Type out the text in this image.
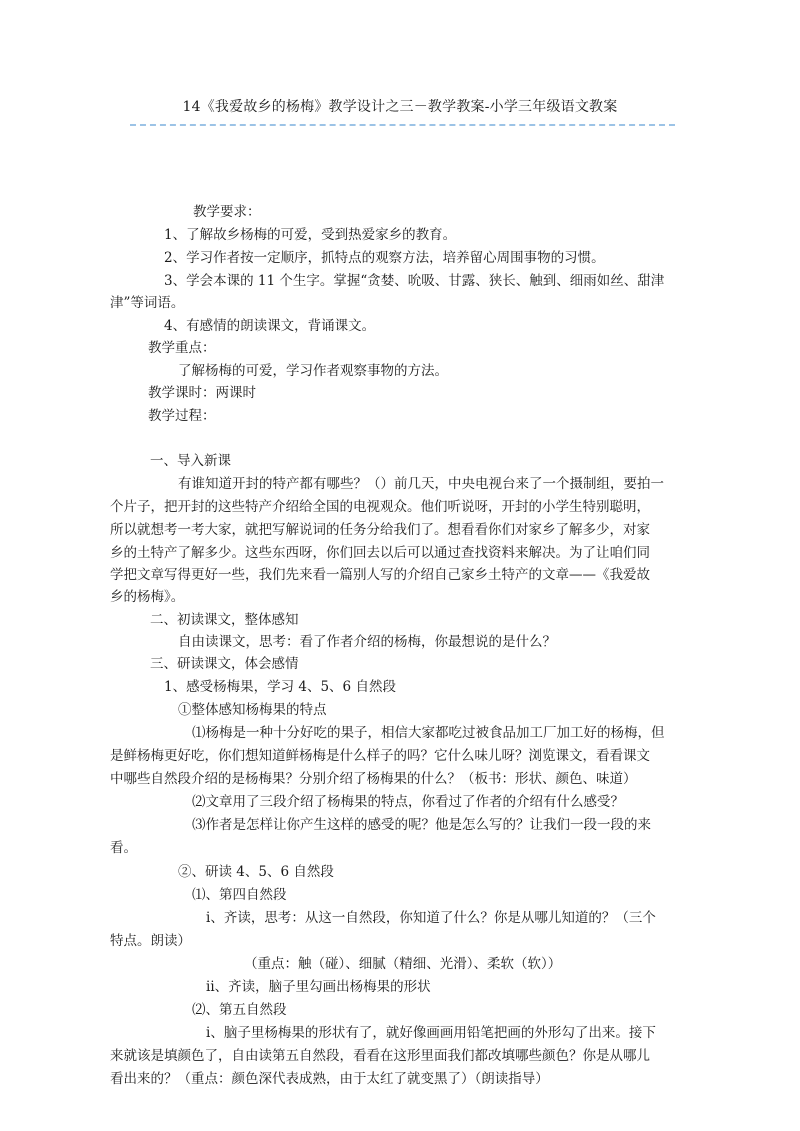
14《我爱故乡的杨梅》教学设计之三－教学教案-小学三年级语文教案
教学要求：
1、了解故乡杨梅的可爱，受到热爱家乡的教育。
2、学习作者按一定顺序，抓特点的观察方法，培养留心周围事物的习惯。
3、学会本课的 11 个生字。掌握“贪婪、吮吸、甘露、狭长、触到、细雨如丝、甜津
津”等词语。
4、有感情的朗读课文，背诵课文。
教学重点：
了解杨梅的可爱，学习作者观察事物的方法。
教学课时：两课时
教学过程：
一、导入新课
有谁知道开封的特产都有哪些？（）前几天，中央电视台来了一个摄制组，要拍一
个片子，把开封的这些特产介绍给全国的电视观众。他们听说呀，开封的小学生特别聪明，
所以就想考一考大家，就把写解说词的任务分给我们了。想看看你们对家乡了解多少，对家
乡的土特产了解多少。这些东西呀，你们回去以后可以通过查找资料来解决。为了让咱们同
学把文章写得更好一些，我们先来看一篇别人写的介绍自己家乡土特产的文章——《我爱故
乡的杨梅》。
二、初读课文，整体感知
自由读课文，思考：看了作者介绍的杨梅，你最想说的是什么？
三、研读课文，体会感情
1、感受杨梅果，学习 4、5、6 自然段
①整体感知杨梅果的特点
⑴杨梅是一种十分好吃的果子，相信大家都吃过被食品加工厂加工好的杨梅，但
是鲜杨梅更好吃，你们想知道鲜杨梅是什么样子的吗？它什么味儿呀？浏览课文，看看课文
中哪些自然段介绍的是杨梅果？分别介绍了杨梅果的什么？（板书：形状、颜色、味道）
⑵文章用了三段介绍了杨梅果的特点，你看过了作者的介绍有什么感受？
⑶作者是怎样让你产生这样的感受的呢？他是怎么写的？让我们一段一段的来
看。
②、研读 4、5、6 自然段
⑴、第四自然段
ⅰ、齐读，思考：从这一自然段，你知道了什么？你是从哪儿知道的？（三个
特点。朗读）
（重点：触（碰）、细腻（精细、光滑）、柔软（软））
ⅱ、齐读，脑子里勾画出杨梅果的形状
⑵、第五自然段
ⅰ、脑子里杨梅果的形状有了，就好像画画用铅笔把画的外形勾了出来。接下
来就该是填颜色了，自由读第五自然段，看看在这形里面我们都改填哪些颜色？你是从哪儿
看出来的？（重点：颜色深代表成熟，由于太红了就变黑了）（朗读指导）
